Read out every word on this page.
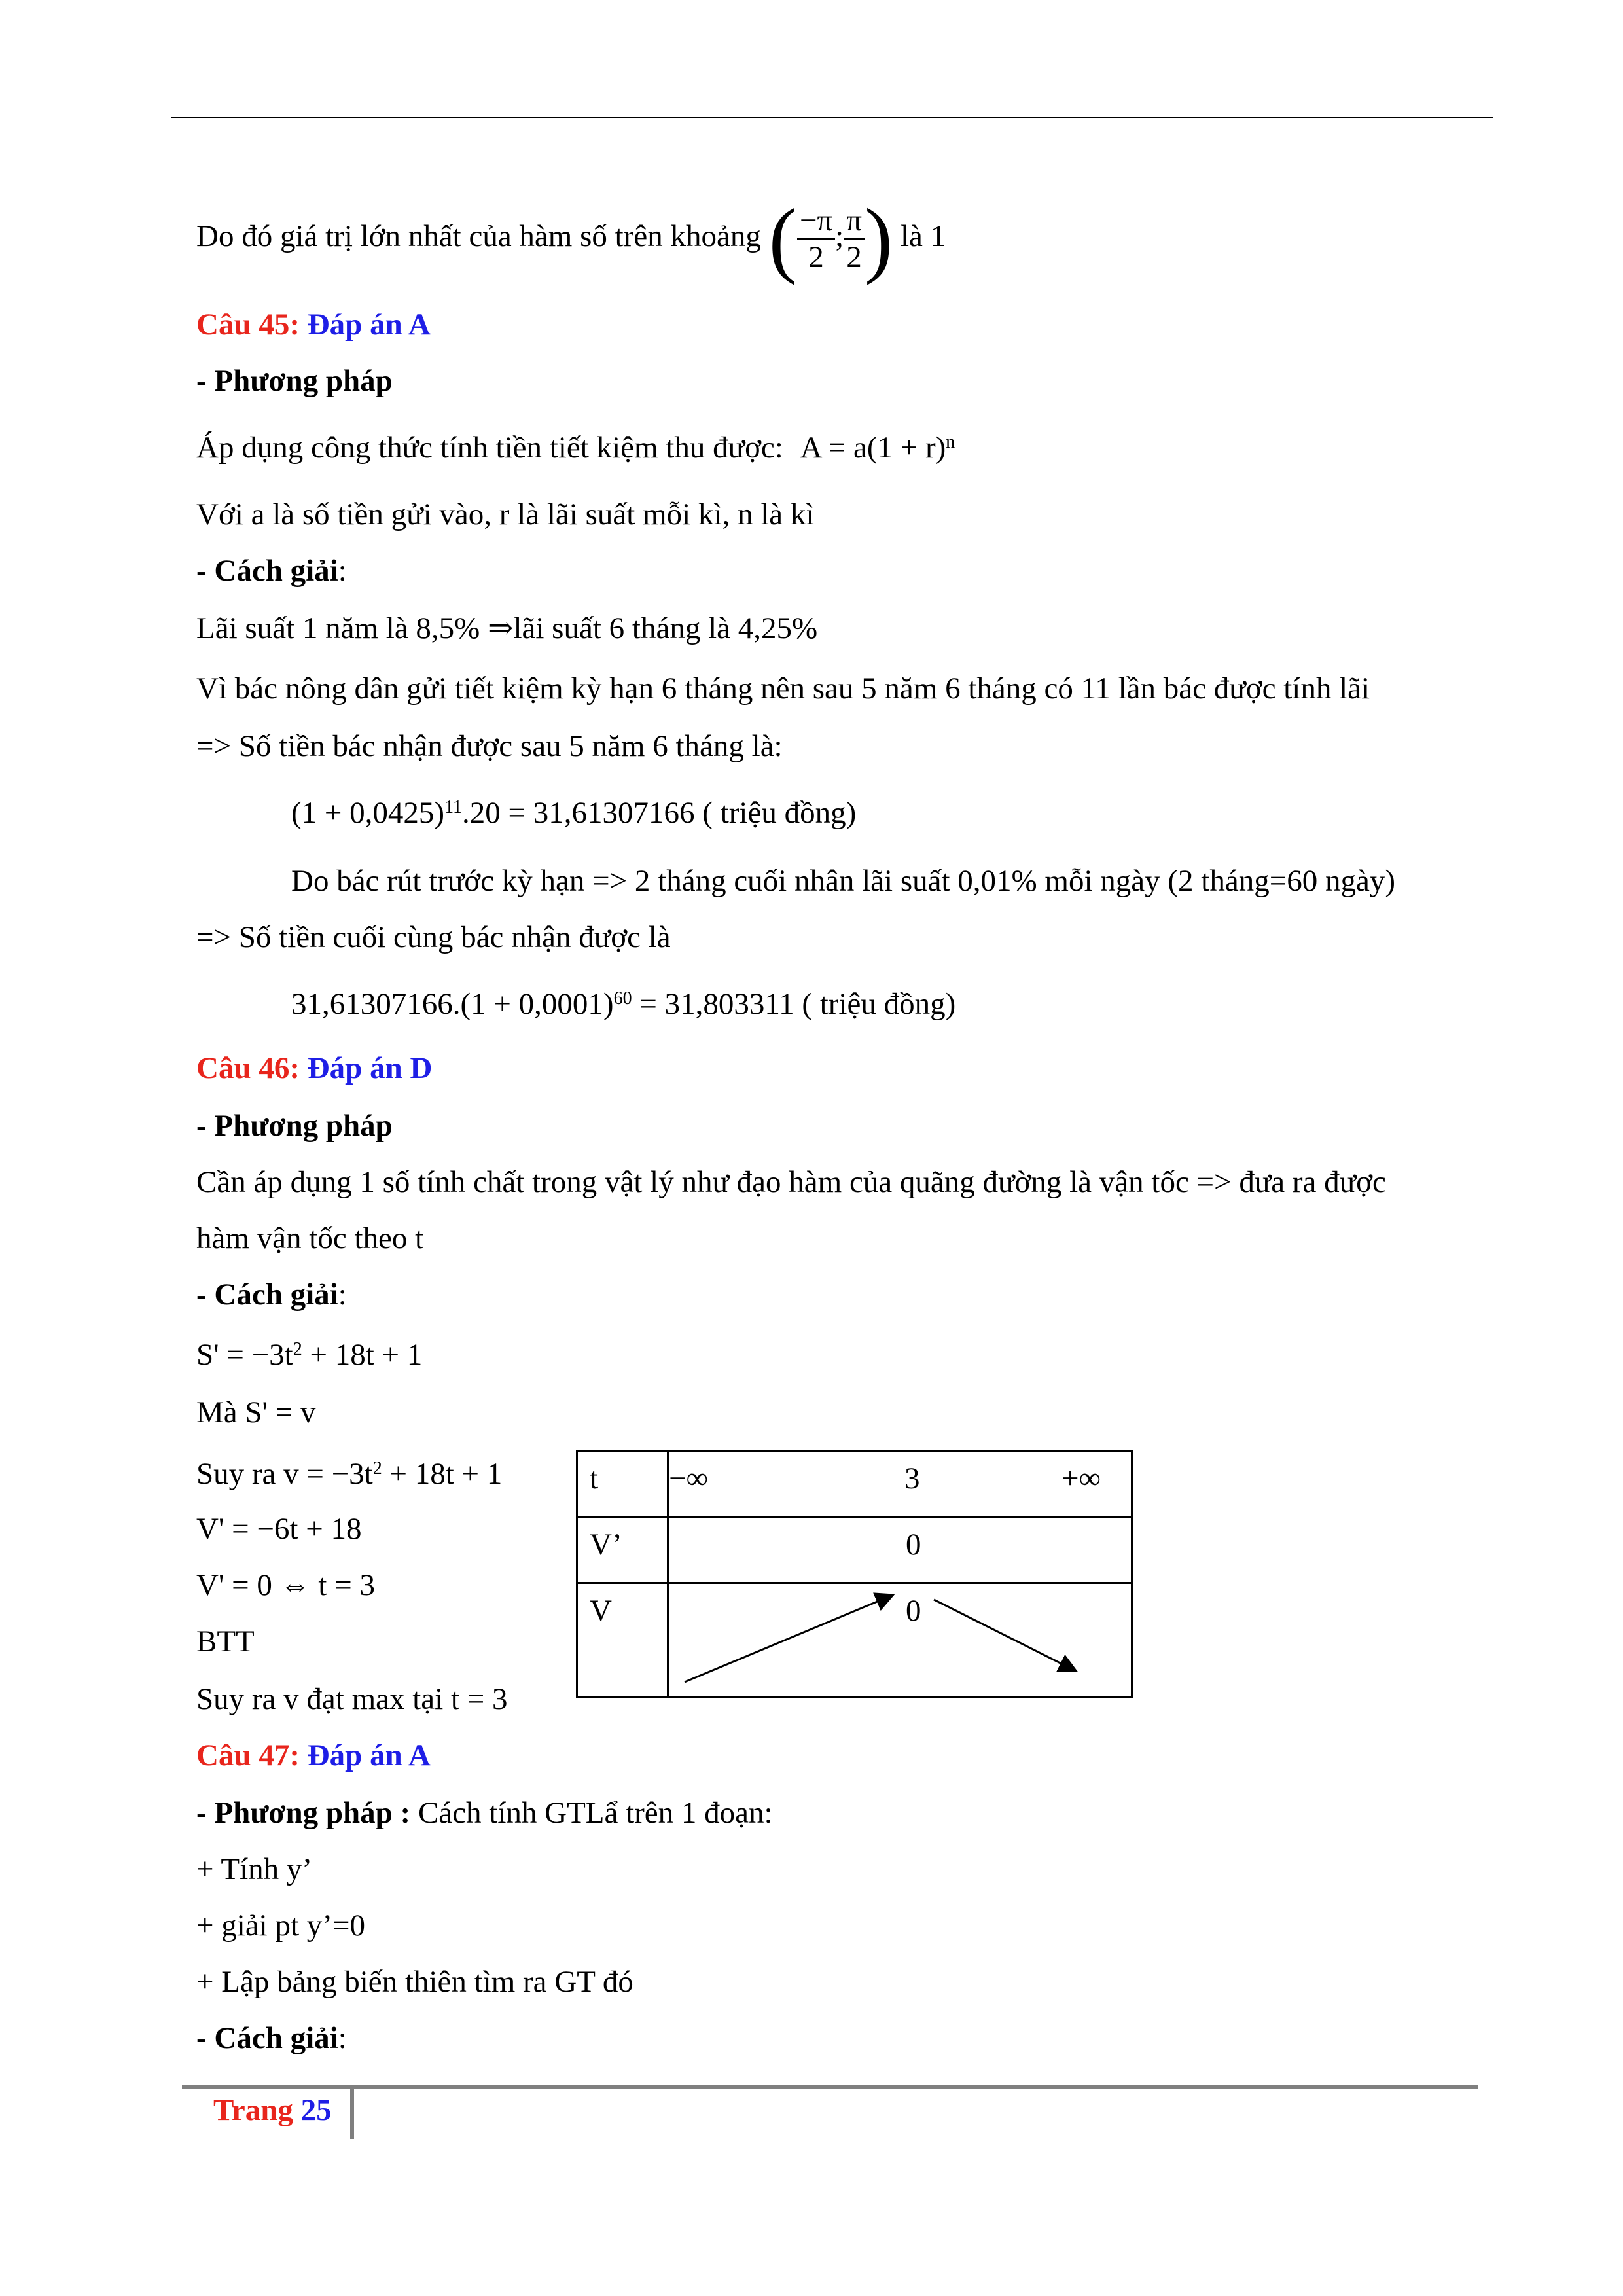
Do đó giá trị lớn nhất của hàm số trên khoảng ( $\frac{-\pi}{2}$ ; $\frac{\pi}{2}$ ) là 1
Câu 45: Đáp án A
- Phương pháp
Áp dụng công thức tính tiền tiết kiệm thu được: $A = a(1 + r)^n$
Với a là số tiền gửi vào, r là lãi suất mỗi kì, n là kì
- Cách giải:
Lãi suất 1 năm là 8,5% ⇒lãi suất 6 tháng là 4,25%
Vì bác nông dân gửi tiết kiệm kỳ hạn 6 tháng nên sau 5 năm 6 tháng có 11 lần bác được tính lãi
=> Số tiền bác nhận được sau 5 năm 6 tháng là:
$(1 + 0,0425)^{11}.20 = 31,61307166$ ( triệu đồng)
Do bác rút trước kỳ hạn => 2 tháng cuối nhân lãi suất 0,01% mỗi ngày (2 tháng=60 ngày)
=> Số tiền cuối cùng bác nhận được là
$31,61307166.(1 + 0,0001)^{60} = 31,803311$ ( triệu đồng)
Câu 46: Đáp án D
- Phương pháp
Cần áp dụng 1 số tính chất trong vật lý như đạo hàm của quãng đường là vận tốc => đưa ra được
hàm vận tốc theo t
- Cách giải:
$S' = -3t^2 + 18t + 1$
Mà S' = v
Suy ra $v = -3t^2 + 18t + 1$
V' = −6t + 18
V' = 0 ⇔ t = 3
BTT
Suy ra v đạt max tại t = 3
t	−∞ 3 +∞

V’	0

V	0
Câu 47: Đáp án A
- Phương pháp : Cách tính GTLẩ trên 1 đoạn:
+ Tính y’
+ giải pt y’=0
+ Lập bảng biến thiên tìm ra GT đó
- Cách giải:
Trang 25
